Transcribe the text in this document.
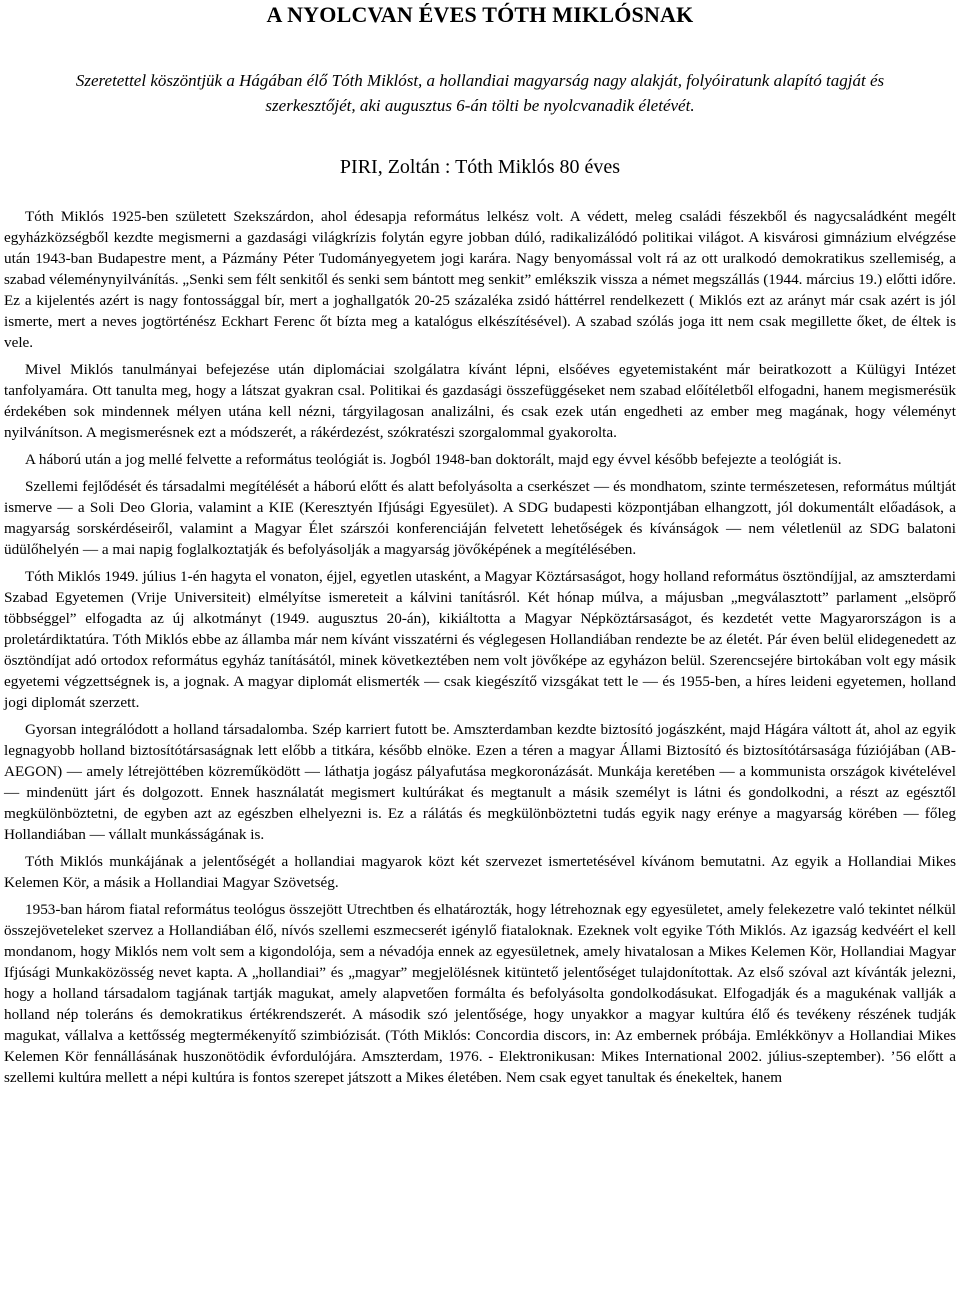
A NYOLCVAN ÉVES TÓTH MIKLÓSNAK

Szeretettel köszöntjük a Hágában élő Tóth Miklóst, a hollandiai magyarság nagy alakját, folyóiratunk alapító tagját és szerkesztőjét, aki augusztus 6-án tölti be nyolcvanadik életévét.

PIRI, Zoltán : Tóth Miklós 80 éves

Tóth Miklós 1925-ben született Szekszárdon, ahol édesapja református lelkész volt. A védett, meleg családi fészekből és nagycsaládként megélt egyházközségből kezdte megismerni a gazdasági világkrízis folytán egyre jobban dúló, radikalizálódó politikai világot. A kisvárosi gimnázium elvégzése után 1943-ban Budapestre ment, a Pázmány Péter Tudományegyetem jogi karára. Nagy benyomással volt rá az ott uralkodó demokratikus szellemiség, a szabad véleménynyilvánítás. „Senki sem félt senkitől és senki sem bántott meg senkit” emlékszik vissza a német megszállás (1944. március 19.) előtti időre. Ez a kijelentés azért is nagy fontossággal bír, mert a joghallgatók 20-25 százaléka zsidó háttérrel rendelkezett ( Miklós ezt az arányt már csak azért is jól ismerte, mert a neves jogtörténész Eckhart Ferenc őt bízta meg a katalógus elkészítésével). A szabad szólás joga itt nem csak megillette őket, de éltek is vele.

Mivel Miklós tanulmányai befejezése után diplomáciai szolgálatra kívánt lépni, elsőéves egyetemistaként már beiratkozott a Külügyi Intézet tanfolyamára. Ott tanulta meg, hogy a látszat gyakran csal. Politikai és gazdasági összefüggéseket nem szabad előítéletből elfogadni, hanem megismerésük érdekében sok mindennek mélyen utána kell nézni, tárgyilagosan analizálni, és csak ezek után engedheti az ember meg magának, hogy véleményt nyilvánítson. A megismerésnek ezt a módszerét, a rákérdezést, szókratészi szorgalommal gyakorolta.

A háború után a jog mellé felvette a református teológiát is. Jogból 1948-ban doktorált, majd egy évvel később befejezte a teológiát is.

Szellemi fejlődését és társadalmi megítélését a háború előtt és alatt befolyásolta a cserkészet — és mondhatom, szinte természetesen, református múltját ismerve — a Soli Deo Gloria, valamint a KIE (Keresztyén Ifjúsági Egyesület). A SDG budapesti központjában elhangzott, jól dokumentált előadások, a magyarság sorskérdéseiről, valamint a Magyar Élet szárszói konferenciáján felvetett lehetőségek és kívánságok — nem véletlenül az SDG balatoni üdülőhelyén — a mai napig foglalkoztatják és befolyásolják a magyarság jövőképének a megítélésében.

Tóth Miklós 1949. július 1-én hagyta el vonaton, éjjel, egyetlen utasként, a Magyar Köztársaságot, hogy holland református ösztöndíjjal, az amszterdami Szabad Egyetemen (Vrije Universiteit) elmélyítse ismereteit a kálvini tanításról. Két hónap múlva, a májusban „megválasztott” parlament „elsöprő többséggel” elfogadta az új alkotmányt (1949. augusztus 20-án), kikiáltotta a Magyar Népköztársaságot, és kezdetét vette Magyarországon is a proletárdiktatúra. Tóth Miklós ebbe az államba már nem kívánt visszatérni és véglegesen Hollandiában rendezte be az életét. Pár éven belül elidegenedett az ösztöndíjat adó ortodox református egyház tanításától, minek következtében nem volt jövőképe az egyházon belül. Szerencsejére birtokában volt egy másik egyetemi végzettségnek is, a jognak. A magyar diplomát elismerték — csak kiegészítő vizsgákat tett le — és 1955-ben, a híres leideni egyetemen, holland jogi diplomát szerzett.

Gyorsan integrálódott a holland társadalomba. Szép karriert futott be. Amszterdamban kezdte biztosító jogászként, majd Hágára váltott át, ahol az egyik legnagyobb holland biztosítótársaságnak lett előbb a titkára, később elnöke. Ezen a téren a magyar Állami Biztosító és biztosítótársasága fúziójában (AB-AEGON) — amely létrejöttében közreműködött — láthatja jogász pályafutása megkoronázását. Munkája keretében — a kommunista országok kivételével — mindenütt járt és dolgozott. Ennek használatát megismert kultúrákat és megtanult a másik személyt is látni és gondolkodni, a részt az egésztől megkülönböztetni, de egyben azt az egészben elhelyezni is. Ez a rálátás és megkülönböztetni tudás egyik nagy erénye a magyarság körében — főleg Hollandiában — vállalt munkásságának is.

Tóth Miklós munkájának a jelentőségét a hollandiai magyarok közt két szervezet ismertetésével kívánom bemutatni. Az egyik a Hollandiai Mikes Kelemen Kör, a másik a Hollandiai Magyar Szövetség.

1953-ban három fiatal református teológus összejött Utrechtben és elhatározták, hogy létrehoznak egy egyesületet, amely felekezetre való tekintet nélkül összejöveteleket szervez a Hollandiában élő, nívós szellemi eszmecserét igénylő fiataloknak. Ezeknek volt egyike Tóth Miklós. Az igazság kedvéért el kell mondanom, hogy Miklós nem volt sem a kigondolója, sem a névadója ennek az egyesületnek, amely hivatalosan a Mikes Kelemen Kör, Hollandiai Magyar Ifjúsági Munkaközösség nevet kapta. A „hollandiai” és „magyar” megjelölésnek kitüntető jelentőséget tulajdonítottak. Az első szóval azt kívánták jelezni, hogy a holland társadalom tagjának tartják magukat, amely alapvetően formálta és befolyásolta gondolkodásukat. Elfogadják és a magukénak vallják a holland nép toleráns és demokratikus értékrendszerét. A második szó jelentősége, hogy unyakkor a magyar kultúra élő és tevékeny részének tudják magukat, vállalva a kettősség megtermékenyítő szimbiózisát. (Tóth Miklós: Concordia discors, in: Az embernek próbája. Emlékkönyv a Hollandiai Mikes Kelemen Kör fennállásának huszonötödik évfordulójára. Amszterdam, 1976. - Elektronikusan: Mikes International 2002. július-szeptember). ’56 előtt a szellemi kultúra mellett a népi kultúra is fontos szerepet játszott a Mikes életében. Nem csak egyet tanultak és énekeltek, hanem
